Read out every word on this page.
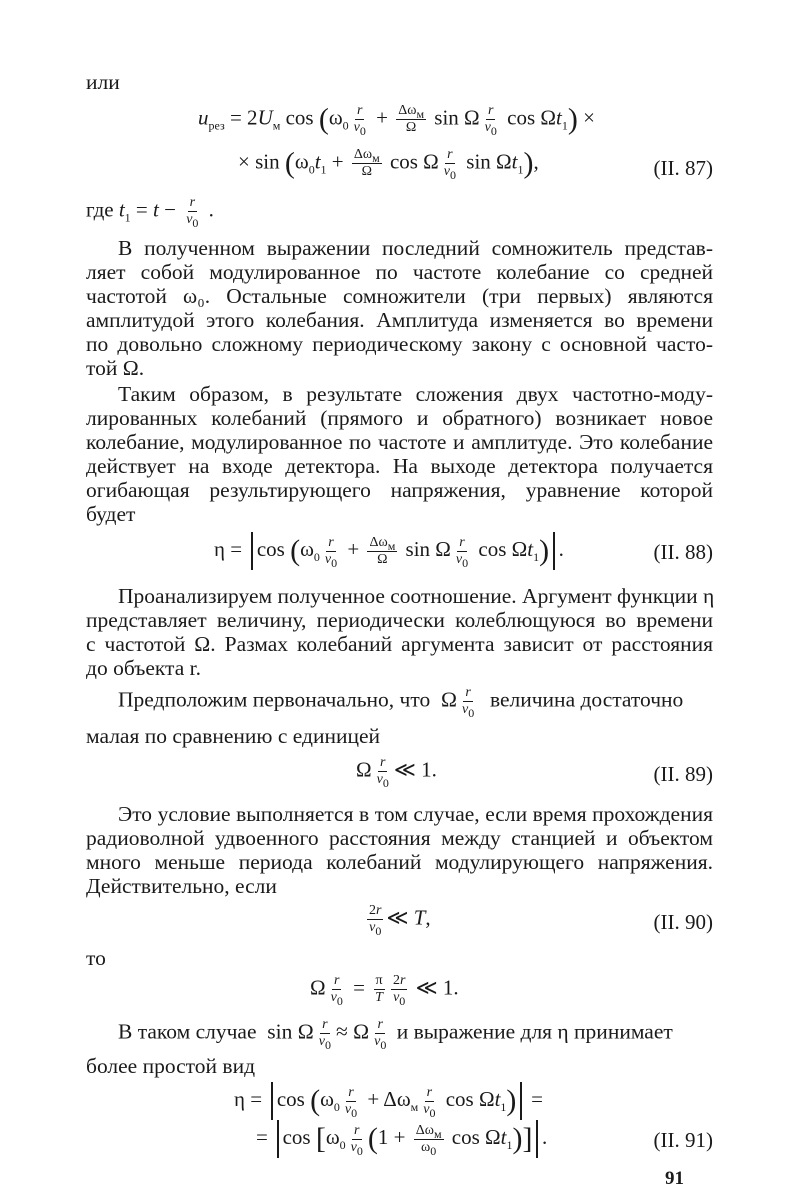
или
$u_{рез} = 2U_м$ $\cos (\omega_0 \frac{r}{v_0} + \frac{\Delta\omega_м}{\Omega}$ sin Ω $\frac{r}{v_0}$ $\cos \Omega t_1$) ×
× $\sin (\omega_0t_1 + \frac{\Delta\omega_м}{\Omega}$ cos Ω $\frac{r}{v_0}$ $\sin \Omega t_1$),	(II. 87)
где $t_1 = t - \frac{r}{v_0}$ .
В полученном выражении последний сомножитель представ-
ляет собой модулированное по частоте колебание со средней
частотой ω₀. Остальные сомножители (три первых) являются
амплитудой этого колебания. Амплитуда изменяется во времени
по довольно сложному периодическому закону с основной часто-
той Ω.
Таким образом, в результате сложения двух частотно-моду-
лированных колебаний (прямого и обратного) возникает новое
колебание, модулированное по частоте и амплитуде. Это колебание
действует на входе детектора. На выходе детектора получается
огибающая результирующего напряжения, уравнение которой
будет
$\eta = \cos (\omega_0 \frac{r}{v_0} + \frac{\Delta\omega_м}{\Omega}$ sin Ω $\frac{r}{v_0}$ $\cos \Omega t_1$) .	(II. 88)
Проанализируем полученное соотношение. Аргумент функции η
представляет величину, периодически колеблющуюся во времени
с частотой Ω. Размах колебаний аргумента зависит от расстояния
до объекта r.
Предположим первоначально, что  Ω $\frac{r}{v_0}$ величина достаточно
малая по сравнению с единицей
Ω $\frac{r}{v_0}$ ≪ 1.	(II. 89)
Это условие выполняется в том случае, если время прохождения
радиоволной удвоенного расстояния между станцией и объектом
много меньше периода колебаний модулирующего напряжения.
Действительно, если
$\frac{2r}{v_0}$ ≪ T,	(II. 90)
то
Ω $\frac{r}{v_0} = \frac{\pi}{T} \frac{2r}{v_0}$ ≪ 1.
В таком случае  sin Ω $\frac{r}{v_0} \approx \Omega \frac{r}{v_0}$ и выражение для η принимает
более простой вид
$\eta = \cos (\omega_0 \frac{r}{v_0} + \Delta\omega_м \frac{r}{v_0}$ $\cos \Omega t_1$) =
= $\cos [\omega_0 \frac{r}{v_0} (1 + \frac{\Delta\omega_м}{\omega_0}$ $\cos \Omega t_1$)] .	(II. 91)
91
